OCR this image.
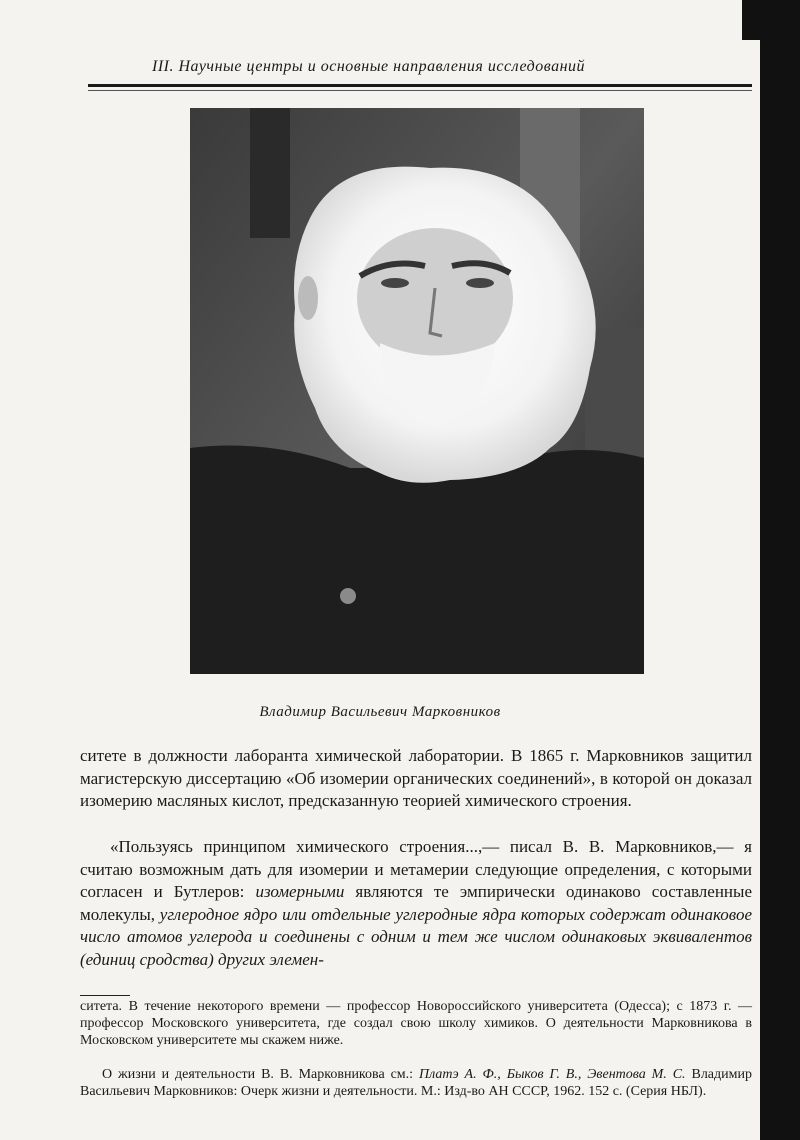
III. Научные центры и основные направления исследований
Владимир Васильевич Марковников

ситете в должности лаборанта химической лаборатории. В 1865 г. Марковников защитил магистерскую диссертацию «Об изомерии органических соединений», в которой он доказал изомерию масляных кислот, предсказанную теорией химического строения.

«Пользуясь принципом химического строения...,— писал В. В. Марковников,— я считаю возможным дать для изомерии и метамерии следующие определения, с которыми согласен и Бутлеров: изомерными являются те эмпирически одинаково составленные молекулы, углеродное ядро или отдельные углеродные ядра которых содержат одинаковое число атомов углерода и соединены с одним и тем же числом одинаковых эквивалентов (единиц сродства) других элемен-

ситета. В течение некоторого времени — профессор Новороссийского университета (Одесса); с 1873 г. — профессор Московского университета, где создал свою школу химиков. О деятельности Марковникова в Московском университете мы скажем ниже.
О жизни и деятельности В. В. Марковникова см.: Платэ А. Ф., Быков Г. В., Эвентова М. С. Владимир Васильевич Марковников: Очерк жизни и деятельности. М.: Изд-во АН СССР, 1962. 152 с. (Серия НБЛ).
